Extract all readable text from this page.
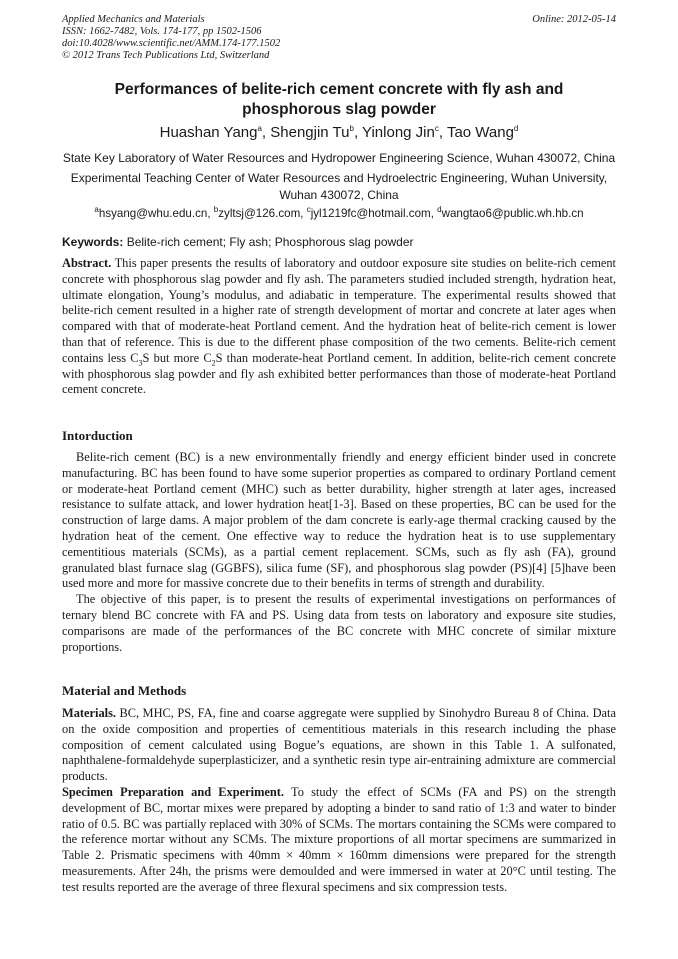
Applied Mechanics and Materials	Online: 2012-05-14
ISSN: 1662-7482, Vols. 174-177, pp 1502-1506
doi:10.4028/www.scientific.net/AMM.174-177.1502
© 2012 Trans Tech Publications Ltd, Switzerland
Performances of belite-rich cement concrete with fly ash and
phosphorous slag powder
Huashan Yang$^a$, Shengjin Tu$^b$, Yinlong Jin$^c$, Tao Wang$^d$
State Key Laboratory of Water Resources and Hydropower Engineering Science, Wuhan 430072, China
Experimental Teaching Center of Water Resources and Hydroelectric Engineering, Wuhan University,
Wuhan 430072, China
$^a$hsyang@whu.edu.cn, $^b$zyltsj@126.com, $^c$jyl1219fc@hotmail.com, $^d$wangtao6@public.wh.hb.cn
Keywords: Belite-rich cement; Fly ash; Phosphorous slag powder
Abstract. This paper presents the results of laboratory and outdoor exposure site studies on belite-rich cement concrete with phosphorous slag powder and fly ash. The parameters studied included strength, hydration heat, ultimate elongation, Young’s modulus, and adiabatic in temperature. The experimental results showed that belite-rich cement resulted in a higher rate of strength development of mortar and concrete at later ages when compared with that of moderate-heat Portland cement. And the hydration heat of belite-rich cement is lower than that of reference. This is due to the different phase composition of the two cements. Belite-rich cement contains less $C_3S$ but more $C_2S$ than moderate-heat Portland cement. In addition, belite-rich cement concrete with phosphorous slag powder and fly ash exhibited better performances than those of moderate-heat Portland cement concrete.
Intorduction
Belite-rich cement (BC) is a new environmentally friendly and energy efficient binder used in concrete manufacturing. BC has been found to have some superior properties as compared to ordinary Portland cement or moderate-heat Portland cement (MHC) such as better durability, higher strength at later ages, increased resistance to sulfate attack, and lower hydration heat[1-3]. Based on these properties, BC can be used for the construction of large dams. A major problem of the dam concrete is early-age thermal cracking caused by the hydration heat of the cement. One effective way to reduce the hydration heat is to use supplementary cementitious materials (SCMs), as a partial cement replacement. SCMs, such as fly ash (FA), ground granulated blast furnace slag (GGBFS), silica fume (SF), and phosphorous slag powder (PS)[4] [5]have been used more and more for massive concrete due to their benefits in terms of strength and durability.
The objective of this paper, is to present the results of experimental investigations on performances of ternary blend BC concrete with FA and PS. Using data from tests on laboratory and exposure site studies, comparisons are made of the performances of the BC concrete with MHC concrete of similar mixture proportions.
Material and Methods
Materials. BC, MHC, PS, FA, fine and coarse aggregate were supplied by Sinohydro Bureau 8 of China. Data on the oxide composition and properties of cementitious materials in this research including the phase composition of cement calculated using Bogue’s equations, are shown in this Table 1. A sulfonated, naphthalene-formaldehyde superplasticizer, and a synthetic resin type air-entraining admixture are commercial products.
Specimen Preparation and Experiment. To study the effect of SCMs (FA and PS) on the strength development of BC, mortar mixes were prepared by adopting a binder to sand ratio of 1:3 and water to binder ratio of 0.5. BC was partially replaced with 30% of SCMs. The mortars containing the SCMs were compared to the reference mortar without any SCMs. The mixture proportions of all mortar specimens are summarized in Table 2. Prismatic specimens with 40mm × 40mm × 160mm dimensions were prepared for the strength measurements. After 24h, the prisms were demoulded and were immersed in water at 20°C until testing. The test results reported are the average of three flexural specimens and six compression tests.
